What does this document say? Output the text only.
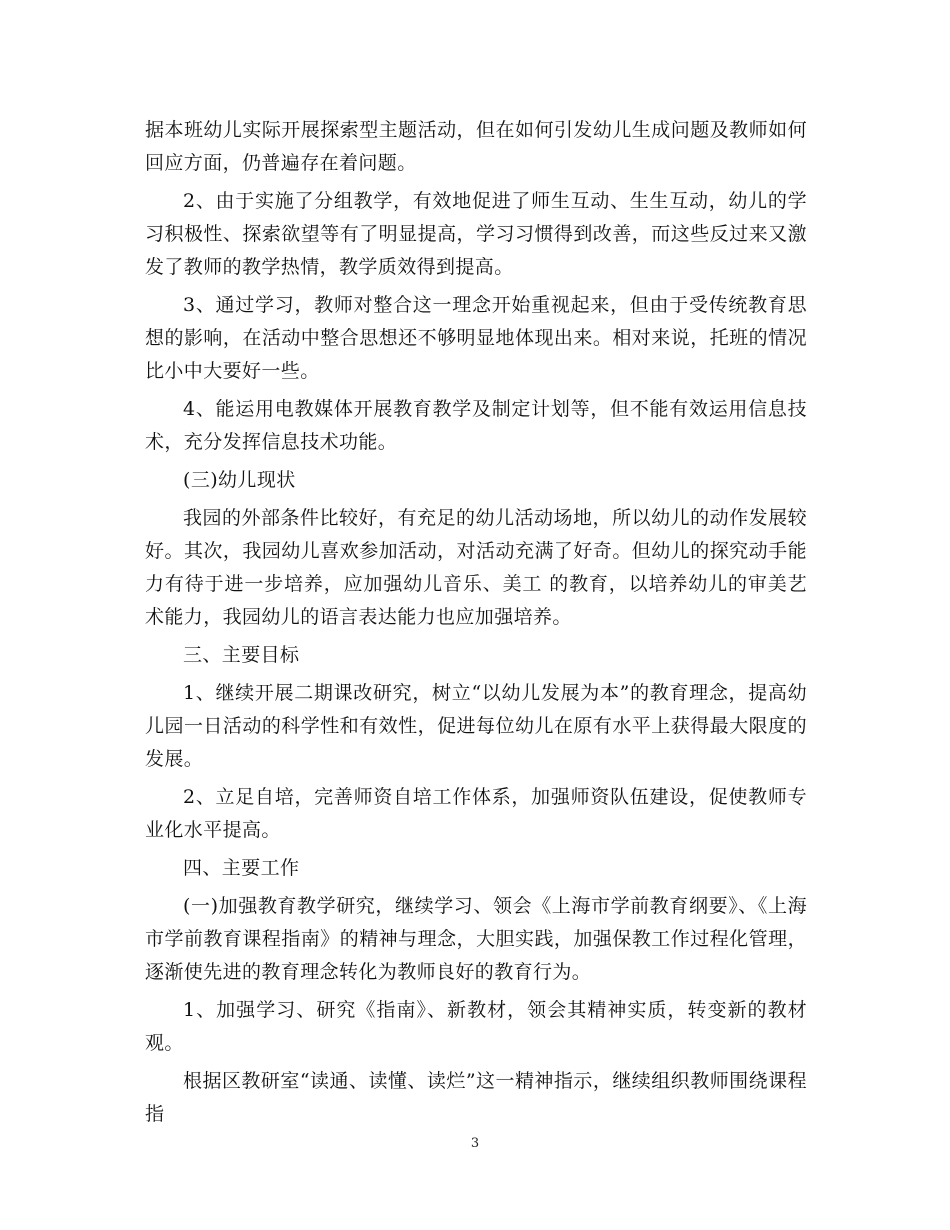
据本班幼儿实际开展探索型主题活动，但在如何引发幼儿生成问题及教师如何回应方面，仍普遍存在着问题。

2、由于实施了分组教学，有效地促进了师生互动、生生互动，幼儿的学习积极性、探索欲望等有了明显提高，学习习惯得到改善，而这些反过来又激发了教师的教学热情，教学质效得到提高。

3、通过学习，教师对整合这一理念开始重视起来，但由于受传统教育思想的影响，在活动中整合思想还不够明显地体现出来。相对来说，托班的情况比小中大要好一些。

4、能运用电教媒体开展教育教学及制定计划等，但不能有效运用信息技术，充分发挥信息技术功能。

(三)幼儿现状

我园的外部条件比较好，有充足的幼儿活动场地，所以幼儿的动作发展较好。其次，我园幼儿喜欢参加活动，对活动充满了好奇。但幼儿的探究动手能力有待于进一步培养，应加强幼儿音乐、美工 的教育，以培养幼儿的审美艺术能力，我园幼儿的语言表达能力也应加强培养。

三、主要目标

1、继续开展二期课改研究，树立“以幼儿发展为本”的教育理念，提高幼儿园一日活动的科学性和有效性，促进每位幼儿在原有水平上获得最大限度的发展。

2、立足自培，完善师资自培工作体系，加强师资队伍建设，促使教师专业化水平提高。

四、主要工作

(一)加强教育教学研究，继续学习、领会《上海市学前教育纲要》、《上海市学前教育课程指南》的精神与理念，大胆实践，加强保教工作过程化管理，逐渐使先进的教育理念转化为教师良好的教育行为。

1、加强学习、研究《指南》、新教材，领会其精神实质，转变新的教材观。

根据区教研室“读通、读懂、读烂”这一精神指示，继续组织教师围绕课程指

3
